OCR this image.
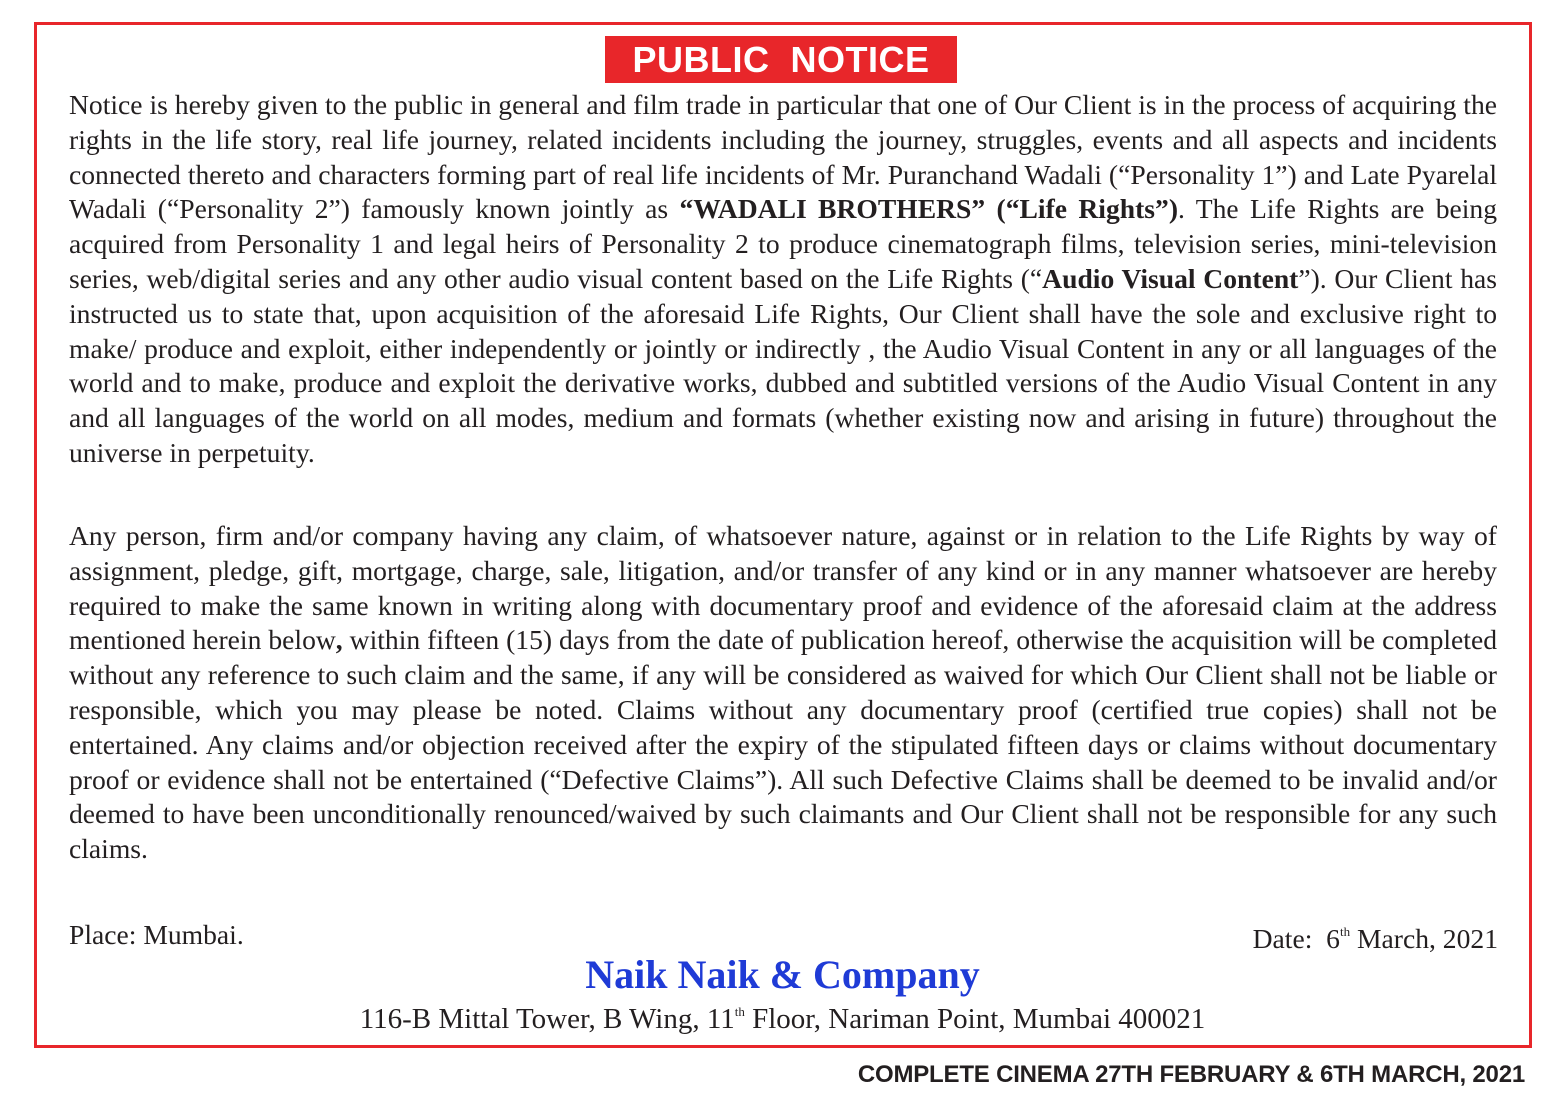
PUBLIC  NOTICE

Notice is hereby given to the public in general and film trade in particular that one of Our Client is in the process of acquiring the rights in the life story, real life journey, related incidents including the journey, struggles, events and all aspects and incidents connected thereto and characters forming part of real life incidents of Mr. Puranchand Wadali (“Personality 1”) and Late Pyarelal Wadali (“Personality 2”) famously known jointly as “WADALI BROTHERS” (“Life Rights”). The Life Rights are being acquired from Personality 1 and legal heirs of Personality 2 to produce cinematograph films, television series, mini-television series, web/digital series and any other audio visual content based on the Life Rights (“Audio Visual Content”). Our Client has instructed us to state that, upon acquisition of the aforesaid Life Rights, Our Client shall have the sole and exclusive right to make/ produce and exploit, either independently or jointly or indirectly , the Audio Visual Content in any or all languages of the world and to make, produce and exploit the derivative works, dubbed and subtitled versions of the Audio Visual Content in any and all languages of the world on all modes, medium and formats (whether existing now and arising in future) throughout the universe in perpetuity.

Any person, firm and/or company having any claim, of whatsoever nature, against or in relation to the Life Rights by way of assignment, pledge, gift, mortgage, charge, sale, litigation, and/or transfer of any kind or in any manner whatsoever are hereby required to make the same known in writing along with documentary proof and evidence of the aforesaid claim at the address mentioned herein below, within fifteen (15) days from the date of publication hereof, otherwise the acquisition will be completed without any reference to such claim and the same, if any will be considered as waived for which Our Client shall not be liable or responsible, which you may please be noted. Claims without any documentary proof (certified true copies) shall not be entertained. Any claims and/or objection received after the expiry of the stipulated fifteen days or claims without documentary proof or evidence shall not be entertained (“Defective Claims”). All such Defective Claims shall be deemed to be invalid and/or deemed to have been unconditionally renounced/waived by such claimants and Our Client shall not be responsible for any such claims.

Place: Mumbai.	Date:  6th March, 2021
Naik Naik & Company
116-B Mittal Tower, B Wing, 11th Floor, Nariman Point, Mumbai 400021
COMPLETE CINEMA 27TH FEBRUARY & 6TH MARCH, 2021
